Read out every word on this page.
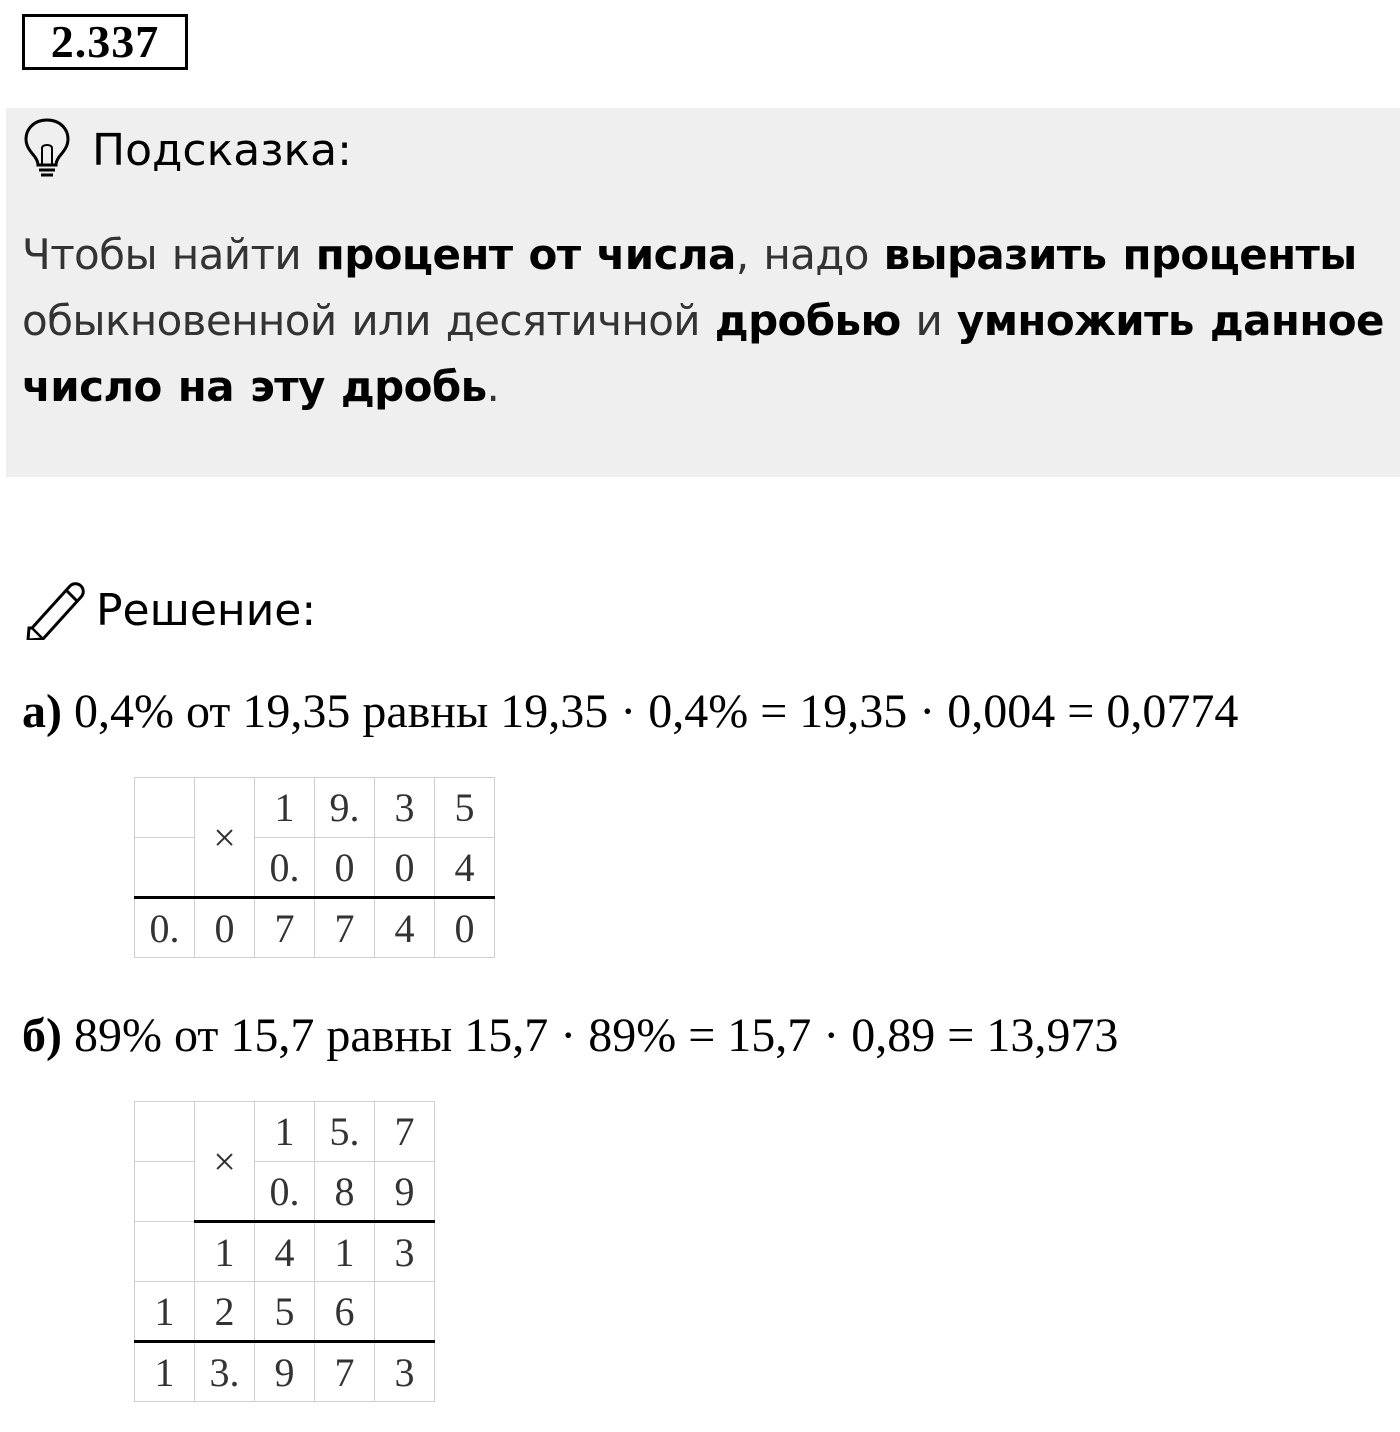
2.337
Подсказка:
Чтобы найти процент от числа, надо выразить проценты обыкновенной или десятичной дробью и умножить данное число на эту дробь.
Решение:
а) 0,4% от 19,35 равны 19,35 · 0,4% = 19,35 · 0,004 = 0,0774
	×	1	9.	3	5
		0.	0	0	4
0.	0	7	7	4	0
б) 89% от 15,7 равны 15,7 · 89% = 15,7 · 0,89 = 13,973
	×	1	5.	7
		0.	8	9
	1	4	1	3
1	2	5	6	
1	3.	9	7	3
